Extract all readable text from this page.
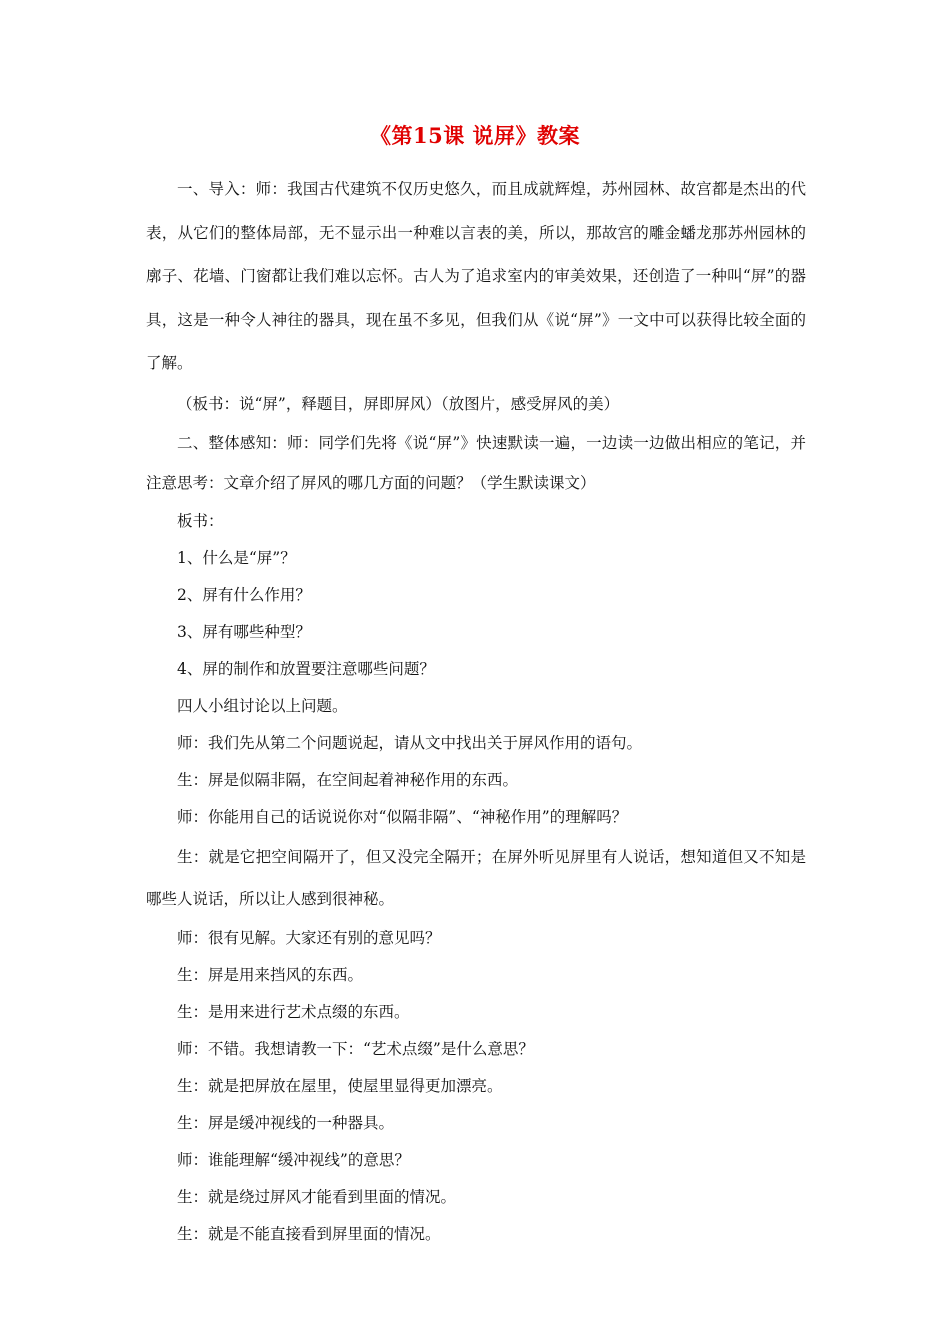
《第15课 说屏》教案

一、导入：师：我国古代建筑不仅历史悠久，而且成就辉煌，苏州园林、故宫都是杰出的代表，从它们的整体局部，无不显示出一种难以言表的美，所以，那故宫的雕金蟠龙那苏州园林的廓子、花墙、门窗都让我们难以忘怀。古人为了追求室内的审美效果，还创造了一种叫“屏”的器具，这是一种令人神往的器具，现在虽不多见，但我们从《说“屏”》一文中可以获得比较全面的了解。

（板书：说“屏”，释题目，屏即屏风）（放图片，感受屏风的美）

二、整体感知：师：同学们先将《说“屏”》快速默读一遍，一边读一边做出相应的笔记，并注意思考：文章介绍了屏风的哪几方面的问题？（学生默读课文）

板书：

1、什么是“屏”？

2、屏有什么作用？

3、屏有哪些种型？

4、屏的制作和放置要注意哪些问题？

四人小组讨论以上问题。

师：我们先从第二个问题说起，请从文中找出关于屏风作用的语句。

生：屏是似隔非隔，在空间起着神秘作用的东西。

师：你能用自己的话说说你对“似隔非隔”、“神秘作用”的理解吗？

生：就是它把空间隔开了，但又没完全隔开；在屏外听见屏里有人说话，想知道但又不知是哪些人说话，所以让人感到很神秘。

师：很有见解。大家还有别的意见吗？

生：屏是用来挡风的东西。

生：是用来进行艺术点缀的东西。

师：不错。我想请教一下：“艺术点缀”是什么意思？

生：就是把屏放在屋里，使屋里显得更加漂亮。

生：屏是缓冲视线的一种器具。

师：谁能理解“缓冲视线”的意思？

生：就是绕过屏风才能看到里面的情况。

生：就是不能直接看到屏里面的情况。
